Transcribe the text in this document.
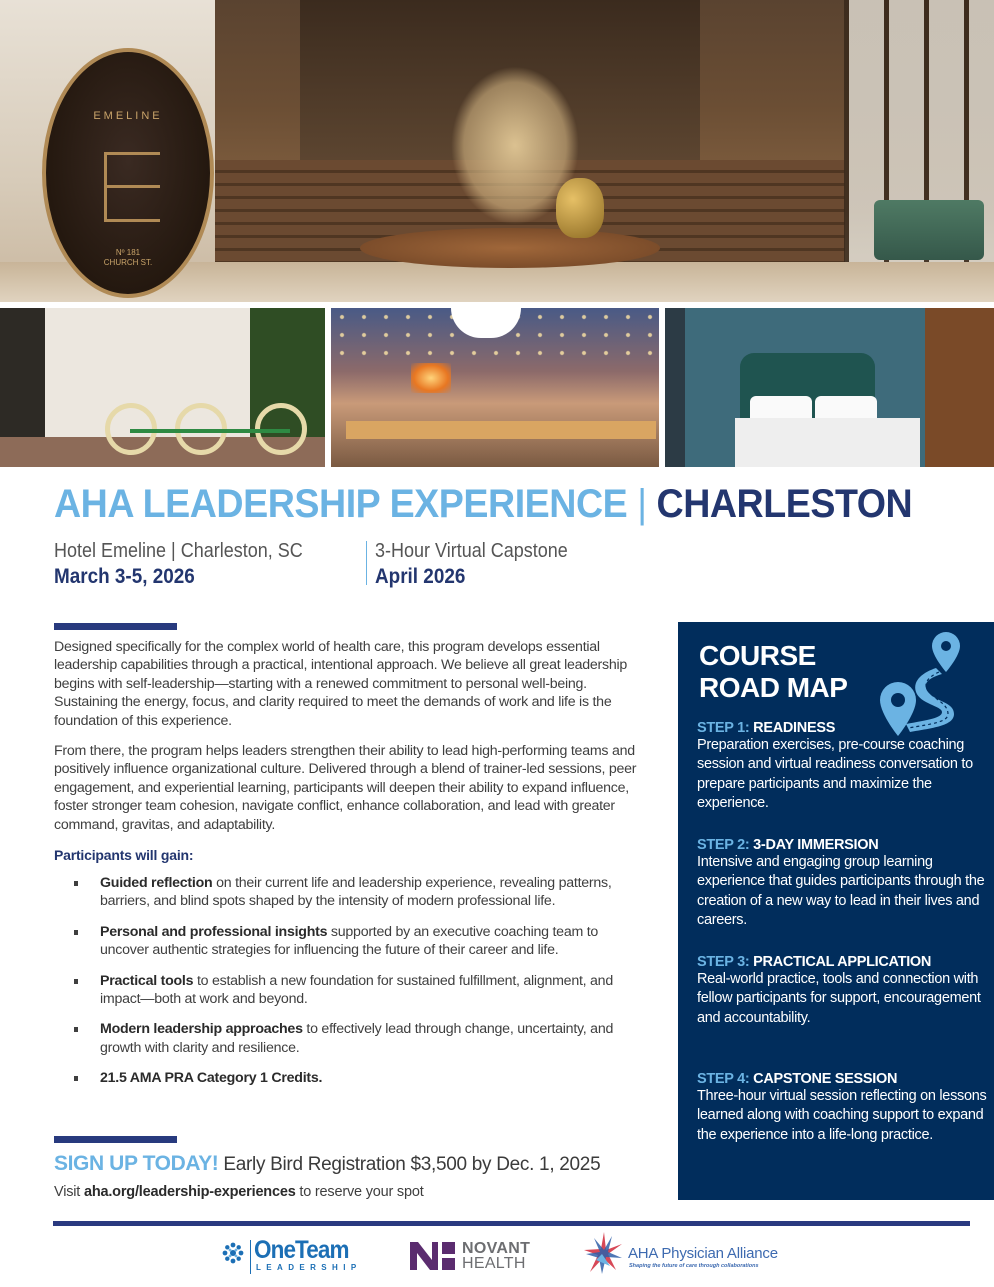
EMELINE
Nº 181
CHURCH ST.
AHA LEADERSHIP EXPERIENCE | CHARLESTON
Hotel Emeline | Charleston, SC
March 3-5, 2026
3-Hour Virtual Capstone
April 2026

Designed specifically for the complex world of health care, this program develops essential leadership capabilities through a practical, intentional approach. We believe all great leadership begins with self-leadership—starting with a renewed commitment to personal well-being. Sustaining the energy, focus, and clarity required to meet the demands of work and life is the foundation of this experience.

From there, the program helps leaders strengthen their ability to lead high-performing teams and positively influence organizational culture. Delivered through a blend of trainer-led sessions, peer engagement, and experiential learning, participants will deepen their ability to expand influence, foster stronger team cohesion, navigate conflict, enhance collaboration, and lead with greater command, gravitas, and adaptability.

Participants will gain:
Guided reflection on their current life and leadership experience, revealing patterns, barriers, and blind spots shaped by the intensity of modern professional life.
Personal and professional insights supported by an executive coaching team to uncover authentic strategies for influencing the future of their career and life.
Practical tools to establish a new foundation for sustained fulfillment, alignment, and impact—both at work and beyond.
Modern leadership approaches to effectively lead through change, uncertainty, and growth with clarity and resilience.
21.5 AMA PRA Category 1 Credits.
SIGN UP TODAY! Early Bird Registration $3,500 by Dec. 1, 2025
Visit aha.org/leadership-experiences to reserve your spot
COURSE
ROAD MAP
STEP 1: READINESS
Preparation exercises, pre-course coaching session and virtual readiness conversation to prepare participants and maximize the experience.
STEP 2: 3-DAY IMMERSION
Intensive and engaging group learning experience that guides participants through the creation of a new way to lead in their lives and careers.
STEP 3: PRACTICAL APPLICATION
Real-world practice, tools and connection with fellow participants for support, encouragement and accountability.
STEP 4: CAPSTONE SESSION
Three-hour virtual session reflecting on lessons learned along with coaching support to expand the experience into a life-long practice.
OneTeam
LEADERSHIP
NOVANT
HEALTH
AHA Physician Alliance
Shaping the future of care through collaborations
